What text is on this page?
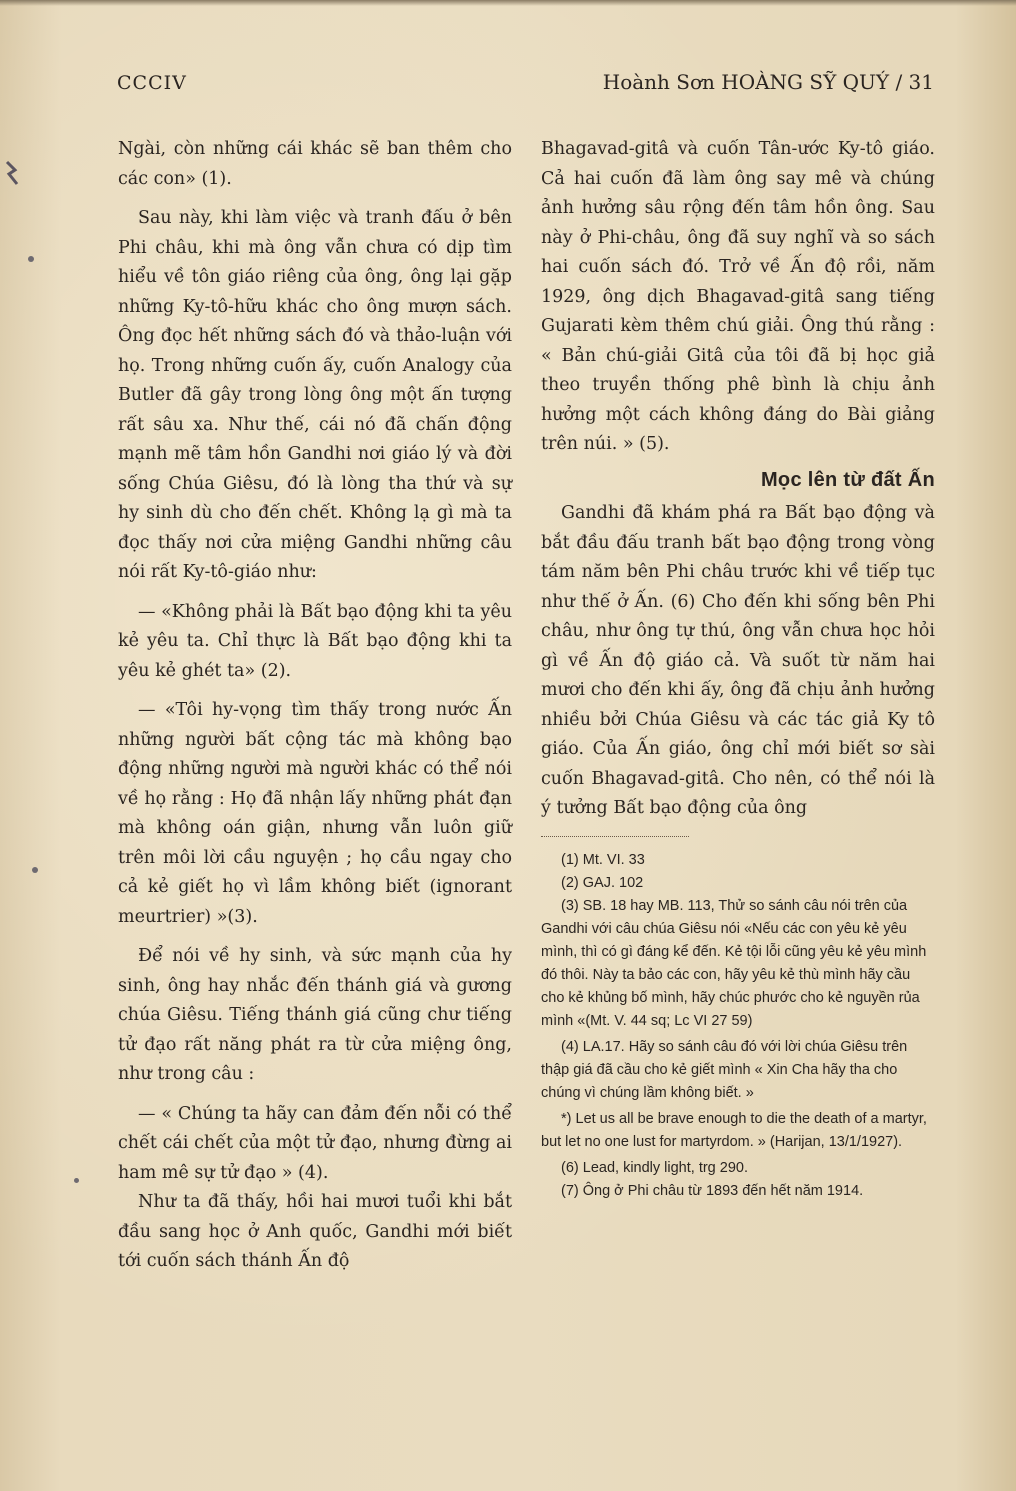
CCCIV	Hoành Sơn HOÀNG SỸ QUÝ / 31

Ngài, còn những cái khác sẽ ban thêm cho các con» (1).

Sau này, khi làm việc và tranh đấu ở bên Phi châu, khi mà ông vẫn chưa có dịp tìm hiểu về tôn giáo riêng của ông, ông lại gặp những Ky-tô-hữu khác cho ông mượn sách. Ông đọc hết những sách đó và thảo-luận với họ. Trong những cuốn ấy, cuốn Analogy của Butler đã gây trong lòng ông một ấn tượng rất sâu xa. Như thế, cái nó đã chấn động mạnh mẽ tâm hồn Gandhi nơi giáo lý và đời sống Chúa Giêsu, đó là lòng tha thứ và sự hy sinh dù cho đến chết. Không lạ gì mà ta đọc thấy nơi cửa miệng Gandhi những câu nói rất Ky-tô-giáo như:

— «Không phải là Bất bạo động khi ta yêu kẻ yêu ta. Chỉ thực là Bất bạo động khi ta yêu kẻ ghét ta» (2).

— «Tôi hy-vọng tìm thấy trong nước Ấn những người bất cộng tác mà không bạo động những người mà người khác có thể nói về họ rằng : Họ đã nhận lấy những phát đạn mà không oán giận, nhưng vẫn luôn giữ trên môi lời cầu nguyện ; họ cầu ngay cho cả kẻ giết họ vì lầm không biết (ignorant meurtrier) »(3).

Để nói về hy sinh, và sức mạnh của hy sinh, ông hay nhắc đến thánh giá và gương chúa Giêsu. Tiếng thánh giá cũng chư tiếng tử đạo rất năng phát ra từ cửa miệng ông, như trong câu :

— « Chúng ta hãy can đảm đến nỗi có thể chết cái chết của một tử đạo, nhưng đừng ai ham mê sự tử đạo » (4).

Như ta đã thấy, hồi hai mươi tuổi khi bắt đầu sang học ở Anh quốc, Gandhi mới biết tới cuốn sách thánh Ấn độ

Bhagavad-gitâ và cuốn Tân-ước Ky-tô giáo. Cả hai cuốn đã làm ông say mê và chúng ảnh hưởng sâu rộng đến tâm hồn ông. Sau này ở Phi-châu, ông đã suy nghĩ và so sách hai cuốn sách đó. Trở về Ấn độ rồi, năm 1929, ông dịch Bhagavad-gitâ sang tiếng Gujarati kèm thêm chú giải. Ông thú rằng : « Bản chú-giải Gitâ của tôi đã bị học giả theo truyền thống phê bình là chịu ảnh hưởng một cách không đáng do Bài giảng trên núi. » (5).

Mọc lên từ đất Ấn

Gandhi đã khám phá ra Bất bạo động và bắt đầu đấu tranh bất bạo động trong vòng tám năm bên Phi châu trước khi về tiếp tục như thế ở Ấn. (6) Cho đến khi sống bên Phi châu, như ông tự thú, ông vẫn chưa học hỏi gì về Ấn độ giáo cả. Và suốt từ năm hai mươi cho đến khi ấy, ông đã chịu ảnh hưởng nhiều bởi Chúa Giêsu và các tác giả Ky tô giáo. Của Ấn giáo, ông chỉ mới biết sơ sài cuốn Bhagavad-gitâ. Cho nên, có thể nói là ý tưởng Bất bạo động của ông

(1) Mt. VI. 33

(2) GAJ. 102

(3) SB. 18 hay MB. 113, Thử so sánh câu nói trên của Gandhi với câu chúa Giêsu nói «Nếu các con yêu kẻ yêu mình, thì có gì đáng kể đến. Kẻ tội lỗi cũng yêu kẻ yêu mình đó thôi. Này ta bảo các con, hãy yêu kẻ thù mình hãy cầu cho kẻ khủng bố mình, hãy chúc phước cho kẻ nguyền rủa mình «(Mt. V. 44 sq; Lc VI 27 59)

(4) LA.17. Hãy so sánh câu đó với lời chúa Giêsu trên thập giá đã cầu cho kẻ giết mình « Xin Cha hãy tha cho chúng vì chúng lầm không biết. »

*) Let us all be brave enough to die the death of a martyr, but let no one lust for martyrdom. » (Harijan, 13/1/1927).

(6) Lead, kindly light, trg 290.

(7) Ông ở Phi châu từ 1893 đến hết năm 1914.
